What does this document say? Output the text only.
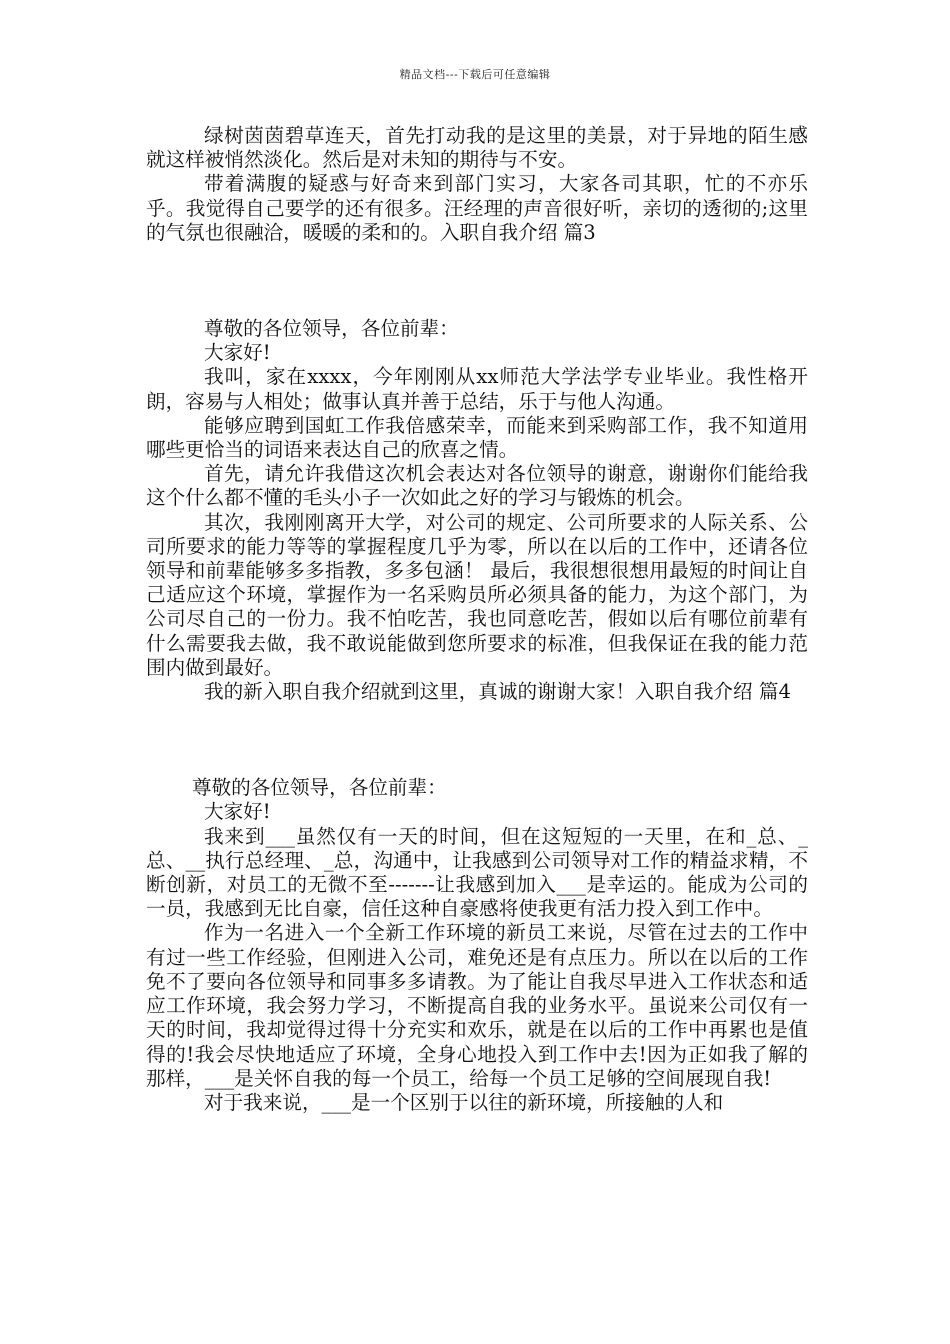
精品文档---下载后可任意编辑

绿树茵茵碧草连天，首先打动我的是这里的美景，对于异地的陌生感就这样被悄然淡化。然后是对未知的期待与不安。

带着满腹的疑惑与好奇来到部门实习，大家各司其职，忙的不亦乐乎。我觉得自己要学的还有很多。汪经理的声音很好听，亲切的透彻的;这里的气氛也很融洽，暖暖的柔和的。入职自我介绍 篇3

尊敬的各位领导，各位前辈：

大家好!

我叫，家在xxxx，今年刚刚从xx师范大学法学专业毕业。我性格开朗，容易与人相处；做事认真并善于总结，乐于与他人沟通。

能够应聘到国虹工作我倍感荣幸，而能来到采购部工作，我不知道用哪些更恰当的词语来表达自己的欣喜之情。

首先，请允许我借这次机会表达对各位领导的谢意，谢谢你们能给我这个什么都不懂的毛头小子一次如此之好的学习与锻炼的机会。

其次，我刚刚离开大学，对公司的规定、公司所要求的人际关系、公司所要求的能力等等的掌握程度几乎为零，所以在以后的工作中，还请各位领导和前辈能够多多指教，多多包涵！ 最后，我很想很想用最短的时间让自己适应这个环境，掌握作为一名采购员所必须具备的能力，为这个部门，为公司尽自己的一份力。我不怕吃苦，我也同意吃苦，假如以后有哪位前辈有什么需要我去做，我不敢说能做到您所要求的标准，但我保证在我的能力范围内做到最好。

我的新入职自我介绍就到这里，真诚的谢谢大家！入职自我介绍 篇4

尊敬的各位领导，各位前辈：

大家好!

我来到___虽然仅有一天的时间，但在这短短的一天里，在和_总、_总、__执行总经理、_总，沟通中，让我感到公司领导对工作的精益求精，不断创新，对员工的无微不至-------让我感到加入___是幸运的。能成为公司的一员，我感到无比自豪，信任这种自豪感将使我更有活力投入到工作中。

作为一名进入一个全新工作环境的新员工来说，尽管在过去的工作中有过一些工作经验，但刚进入公司，难免还是有点压力。所以在以后的工作免不了要向各位领导和同事多多请教。为了能让自我尽早进入工作状态和适应工作环境，我会努力学习，不断提高自我的业务水平。虽说来公司仅有一天的时间，我却觉得过得十分充实和欢乐，就是在以后的工作中再累也是值得的!我会尽快地适应了环境，全身心地投入到工作中去!因为正如我了解的那样，___是关怀自我的每一个员工，给每一个员工足够的空间展现自我!

对于我来说，___是一个区别于以往的新环境，所接触的人和
